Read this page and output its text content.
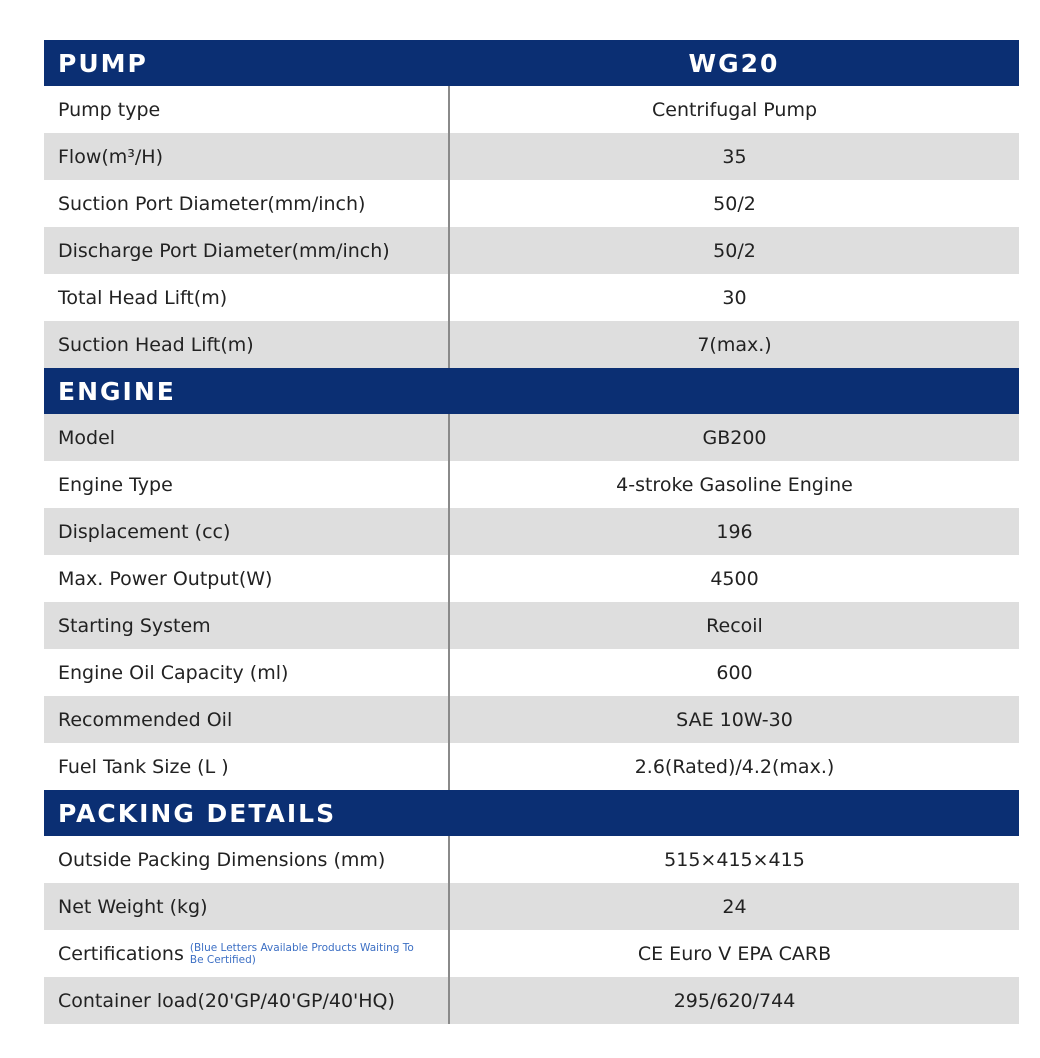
PUMP	WG20
Pump type	Centrifugal Pump
Flow(m³/H)	35
Suction Port Diameter(mm/inch)	50/2
Discharge Port Diameter(mm/inch)	50/2
Total Head Lift(m)	30
Suction Head Lift(m)	7(max.)
ENGINE	
Model	GB200
Engine Type	4-stroke Gasoline Engine
Displacement (cc)	196
Max. Power Output(W)	4500
Starting System	Recoil
Engine Oil Capacity (ml)	600
Recommended Oil	SAE 10W-30
Fuel Tank Size (L )	2.6(Rated)/4.2(max.)
PACKING DETAILS	
Outside Packing Dimensions (mm)	515×415×415
Net Weight (kg)	24
Certifications (Blue Letters Available Products Waiting To Be Certified)	CE Euro V EPA CARB
Container load(20'GP/40'GP/40'HQ)	295/620/744
